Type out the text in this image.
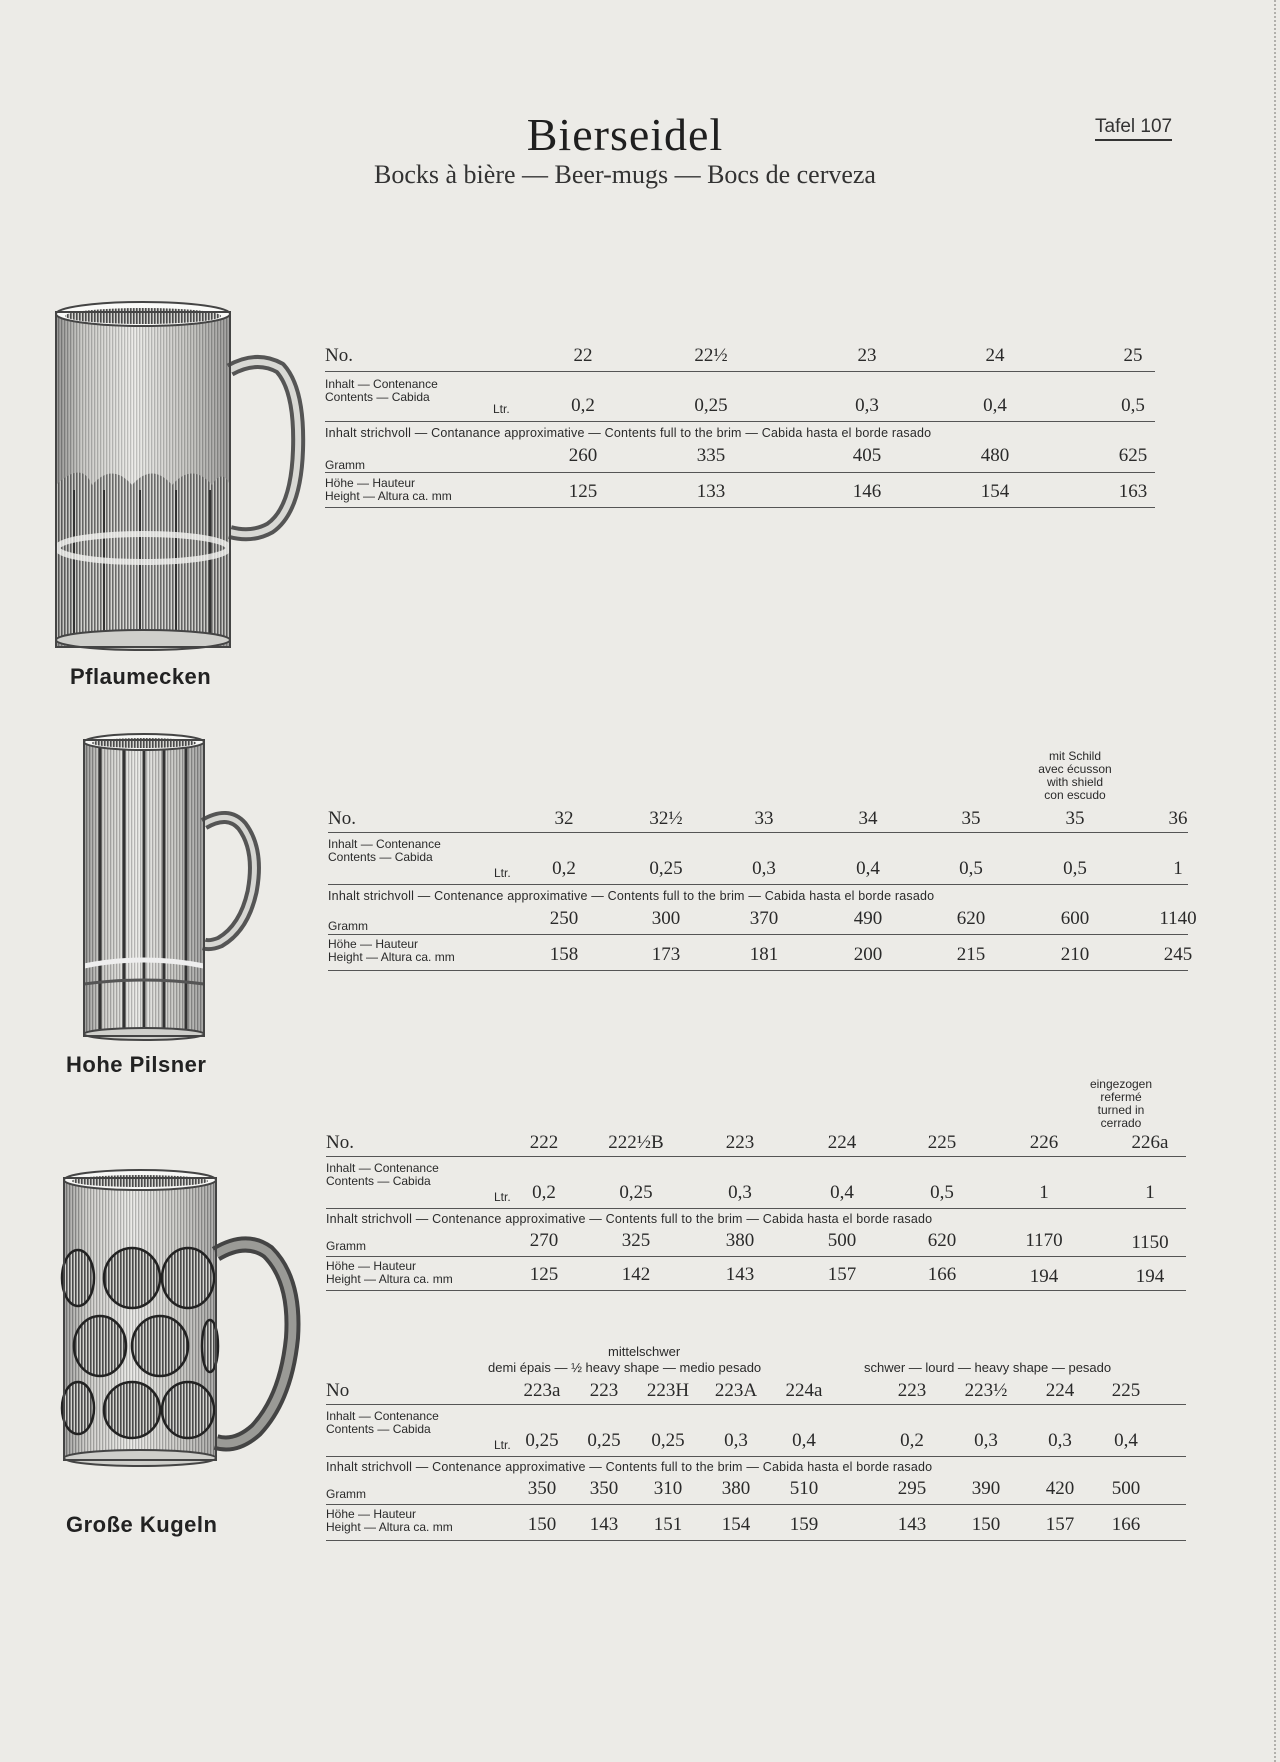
Bierseidel
Bocks à bière — Beer-mugs — Bocs de cerveza
Tafel 107
Pflaumecken
No.	22	22½	23	24	25
Inhalt — Contenance
Contents — Cabida
Ltr.	0,2	0,25	0,3	0,4	0,5
Inhalt strichvoll — Contanance approximative — Contents full to the brim — Cabida hasta el borde rasado
Gramm	260	335	405	480	625
Höhe — Hauteur
Height — Altura ca. mm	125	133	146	154	163
Hohe Pilsner
mit Schild
avec écusson
with shield
con escudo
No.	32	32½	33	34	35	35	36
Inhalt — Contenance
Contents — Cabida
Ltr. 0,2	0,25	0,3	0,4	0,5	0,5	1
Inhalt strichvoll — Contenance approximative — Contents full to the brim — Cabida hasta el borde rasado
Gramm	250	300	370	490	620	600	1140
Höhe — Hauteur
Height — Altura ca. mm	158	173	181	200	215	210	245
Große Kugeln
eingezogen
refermé
turned in
cerrado
No.	222	222½B	223	224	225	226	226a
Inhalt — Contenance
Contents — Cabida
Ltr. 0,2	0,25	0,3	0,4	0,5	1	1
Inhalt strichvoll — Contenance approximative — Contents full to the brim — Cabida hasta el borde rasado
Gramm	270	325	380	500	620	1170	1150
Höhe — Hauteur
Height — Altura ca. mm	125	142	143	157	166	194	194
mittelschwer
demi épais — ½ heavy shape — medio pesado	schwer — lourd — heavy shape — pesado
No	223a 223 223H 223A 224a	223 223½ 224 225
Inhalt — Contenance
Contents — Cabida
Ltr. 0,25 0,25 0,25 0,3 0,4	0,2	0,3	0,3 0,4
Inhalt strichvoll — Contenance approximative — Contents full to the brim — Cabida hasta el borde rasado
Gramm	350 350 310 380 510	295 390 420 500
Höhe — Hauteur
Height — Altura ca. mm	150 143 151 154 159	143 150 157 166
